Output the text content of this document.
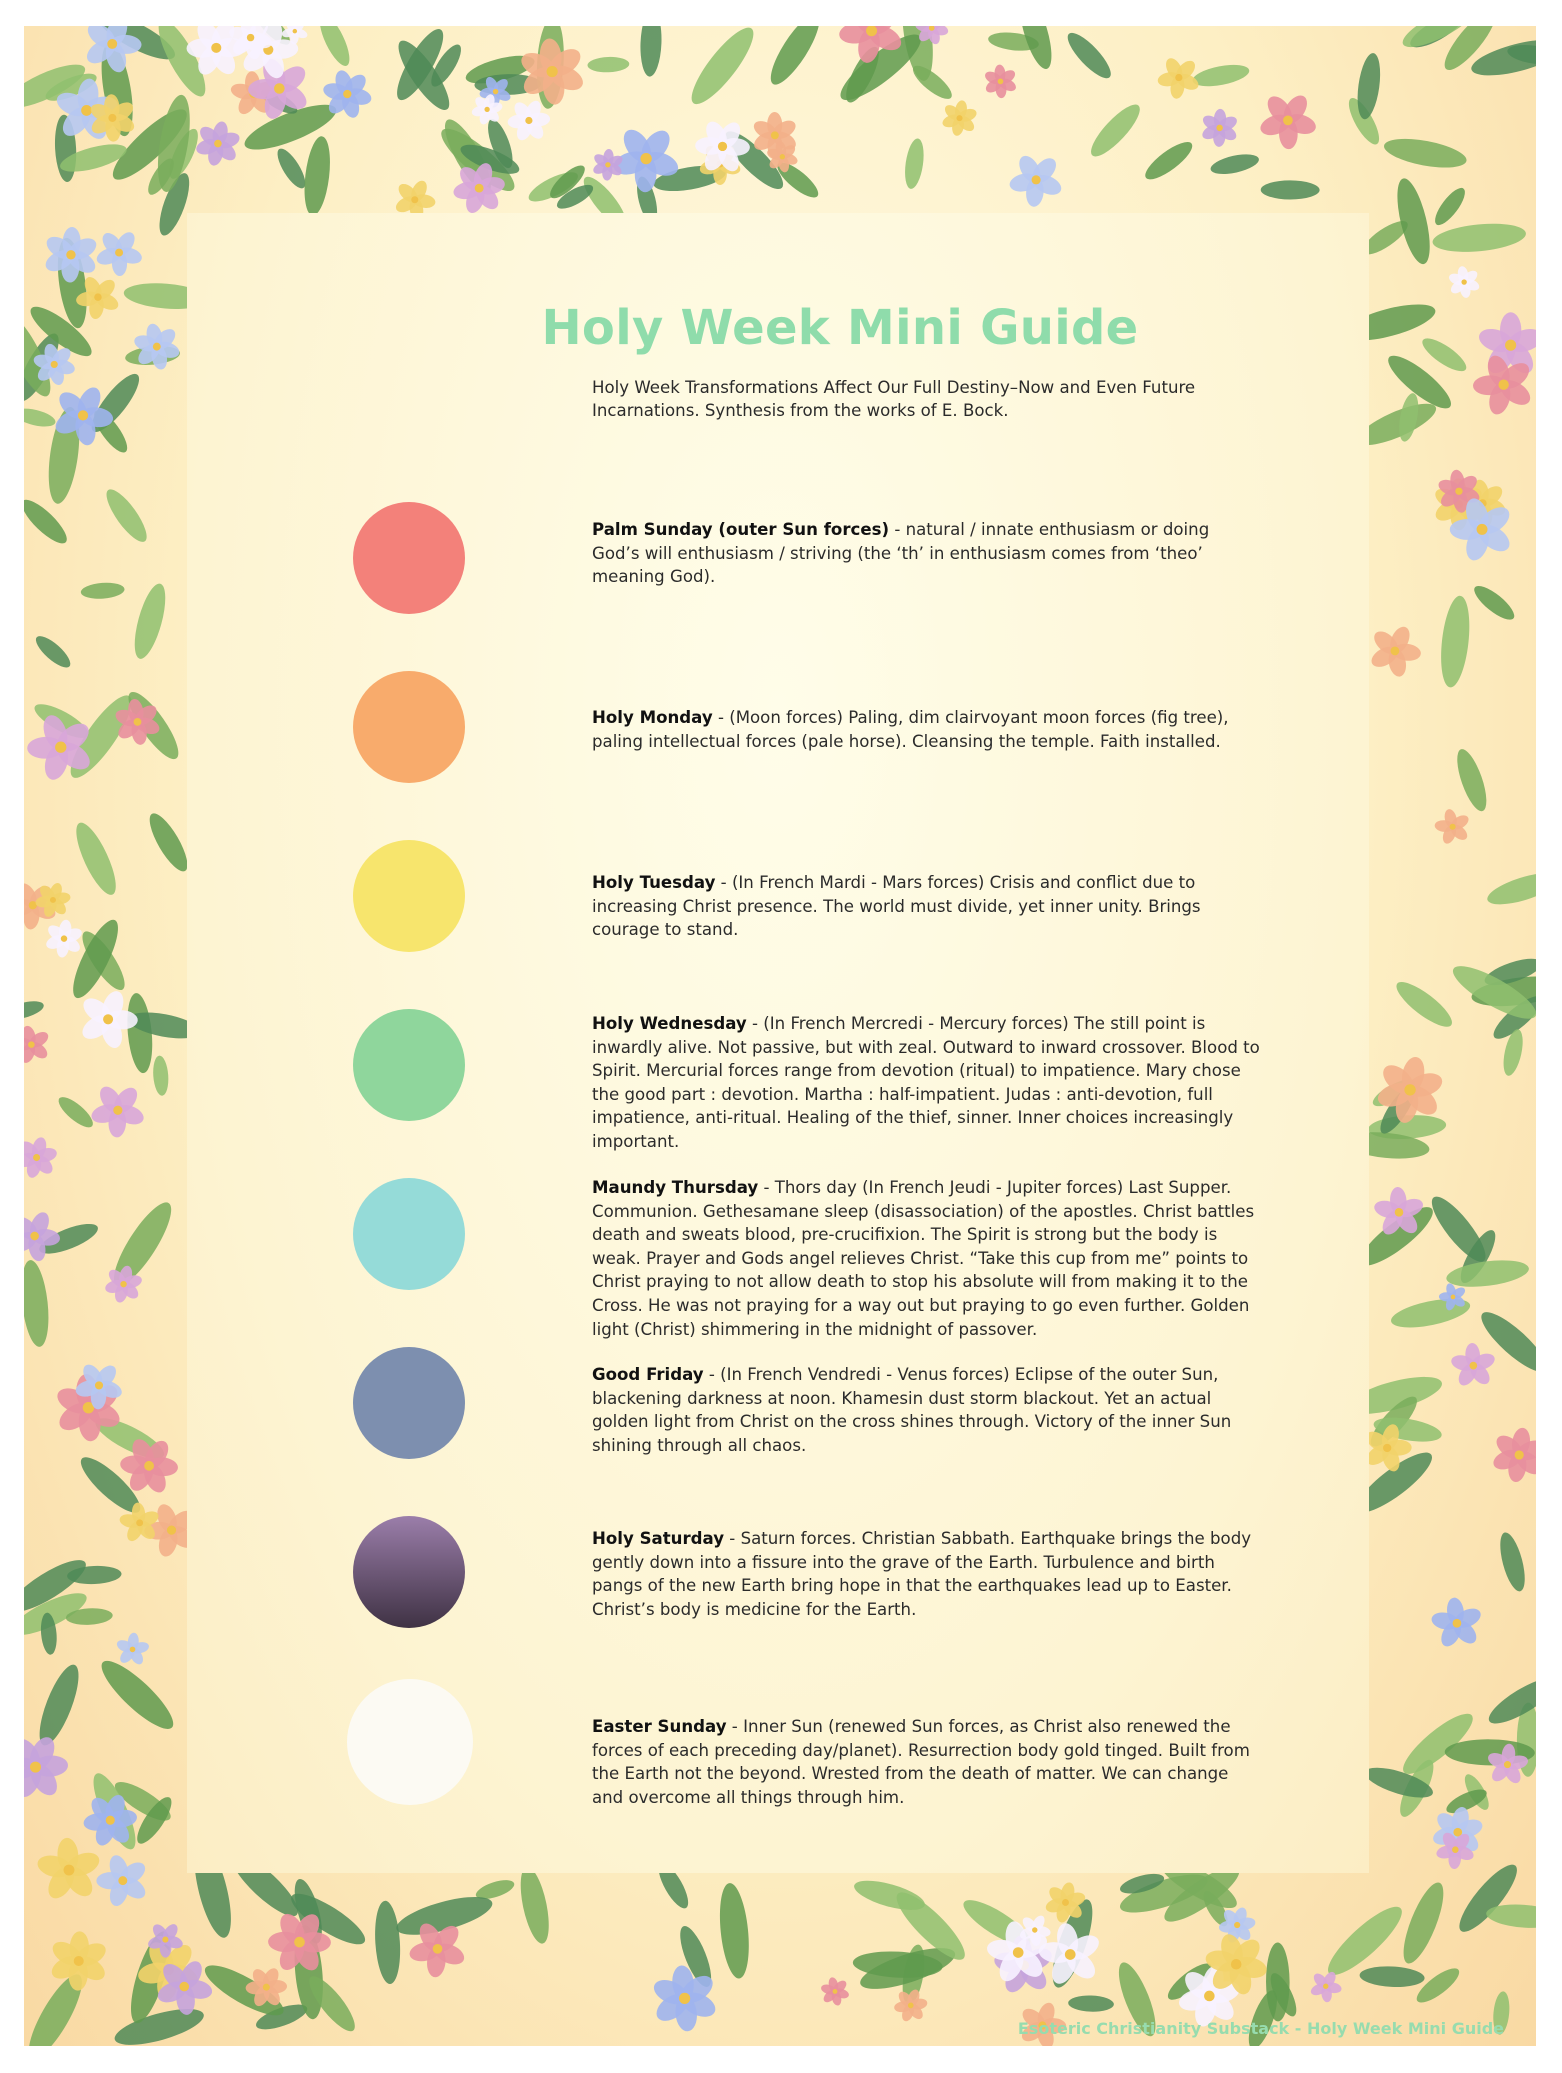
Holy Week Mini Guide
Holy Week Transformations Affect Our Full Destiny–Now and Even Future Incarnations. Synthesis from the works of E. Bock.
Palm Sunday (outer Sun forces) - natural / innate enthusiasm or doing God’s will enthusiasm / striving (the ‘th’ in enthusiasm comes from ‘theo’ meaning God).
Holy Monday - (Moon forces) Paling, dim clairvoyant moon forces (fig tree), paling intellectual forces (pale horse). Cleansing the temple. Faith installed.
Holy Tuesday - (In French Mardi - Mars forces) Crisis and conflict due to increasing Christ presence. The world must divide, yet inner unity. Brings courage to stand.
Holy Wednesday - (In French Mercredi - Mercury forces) The still point is inwardly alive. Not passive, but with zeal. Outward to inward crossover. Blood to Spirit. Mercurial forces range from devotion (ritual) to impatience. Mary chose the good part : devotion. Martha : half-impatient. Judas : anti-devotion, full impatience, anti-ritual. Healing of the thief, sinner. Inner choices increasingly important.
Maundy Thursday - Thors day (In French Jeudi - Jupiter forces) Last Supper. Communion. Gethesamane sleep (disassociation) of the apostles. Christ battles death and sweats blood, pre-crucifixion. The Spirit is strong but the body is weak. Prayer and Gods angel relieves Christ. “Take this cup from me” points to Christ praying to not allow death to stop his absolute will from making it to the Cross. He was not praying for a way out but praying to go even further. Golden light (Christ) shimmering in the midnight of passover.
Good Friday - (In French Vendredi - Venus forces) Eclipse of the outer Sun, blackening darkness at noon. Khamesin dust storm blackout. Yet an actual golden light from Christ on the cross shines through. Victory of the inner Sun shining through all chaos.
Holy Saturday - Saturn forces. Christian Sabbath. Earthquake brings the body gently down into a fissure into the grave of the Earth. Turbulence and birth pangs of the new Earth bring hope in that the earthquakes lead up to Easter. Christ’s body is medicine for the Earth.
Easter Sunday - Inner Sun (renewed Sun forces, as Christ also renewed the forces of each preceding day/planet). Resurrection body gold tinged. Built from the Earth not the beyond. Wrested from the death of matter. We can change and overcome all things through him.
Esoteric Christianity Substack - Holy Week Mini Guide
